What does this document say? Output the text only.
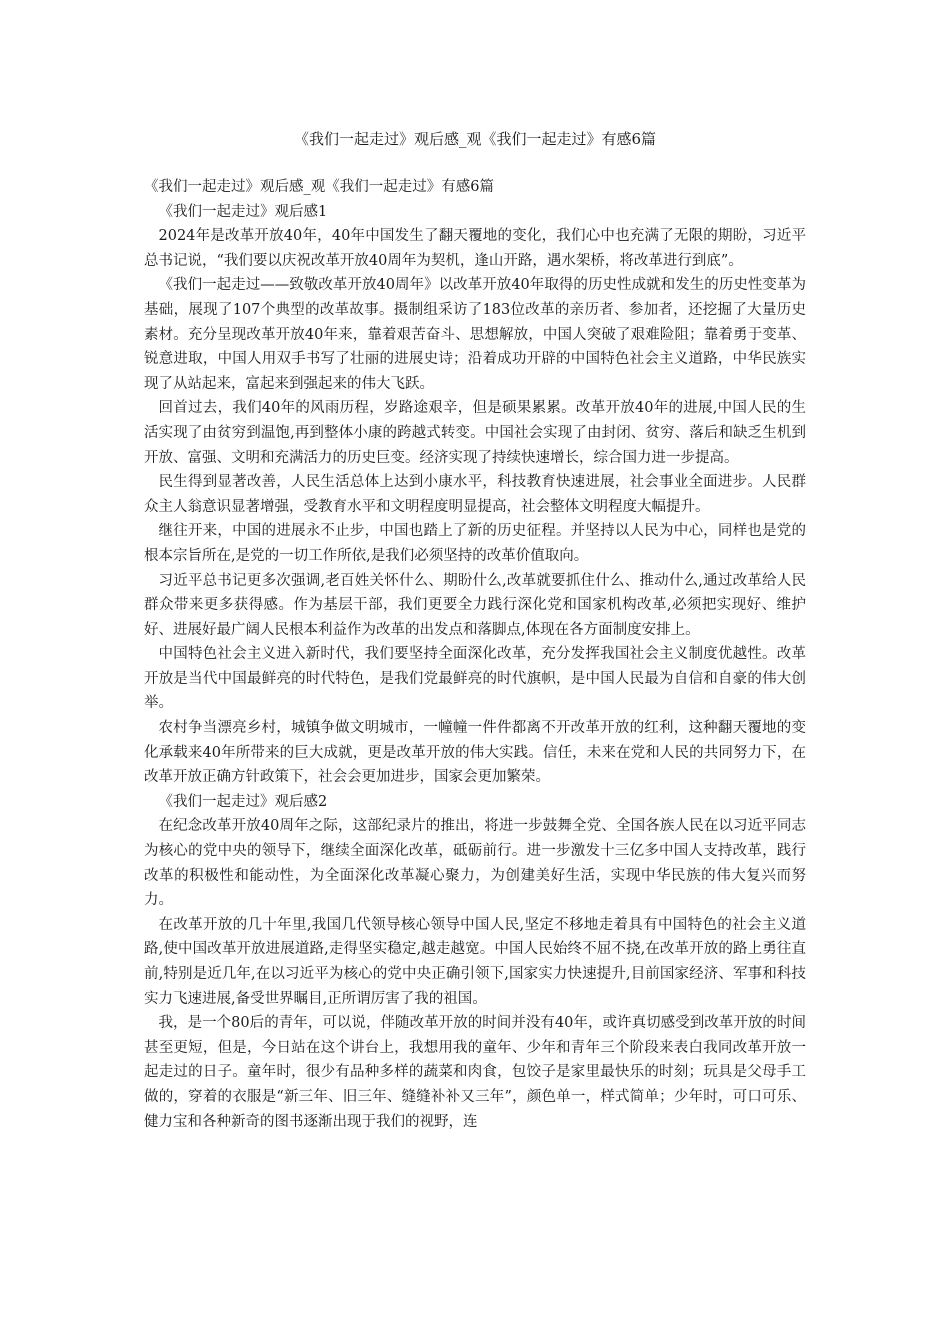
《我们一起走过》观后感_观《我们一起走过》有感6篇

《我们一起走过》观后感_观《我们一起走过》有感6篇

《我们一起走过》观后感1

2024年是改革开放40年，40年中国发生了翻天覆地的变化，我们心中也充满了无限的期盼，习近平总书记说，“我们要以庆祝改革开放40周年为契机，逢山开路，遇水架桥，将改革进行到底”。

《我们一起走过——致敬改革开放40周年》以改革开放40年取得的历史性成就和发生的历史性变革为基础，展现了107个典型的改革故事。摄制组采访了183位改革的亲历者、参加者，还挖掘了大量历史素材。充分呈现改革开放40年来，靠着艰苦奋斗、思想解放，中国人突破了艰难险阻；靠着勇于变革、锐意进取，中国人用双手书写了壮丽的进展史诗；沿着成功开辟的中国特色社会主义道路，中华民族实现了从站起来，富起来到强起来的伟大飞跃。

回首过去，我们40年的风雨历程，岁路途艰辛，但是硕果累累。改革开放40年的进展,中国人民的生活实现了由贫穷到温饱,再到整体小康的跨越式转变。中国社会实现了由封闭、贫穷、落后和缺乏生机到开放、富强、文明和充满活力的历史巨变。经济实现了持续快速增长，综合国力进一步提高。

民生得到显著改善，人民生活总体上达到小康水平，科技教育快速进展，社会事业全面进步。人民群众主人翁意识显著增强，受教育水平和文明程度明显提高，社会整体文明程度大幅提升。

继往开来，中国的进展永不止步，中国也踏上了新的历史征程。并坚持以人民为中心，同样也是党的根本宗旨所在,是党的一切工作所依,是我们必须坚持的改革价值取向。

习近平总书记更多次强调,老百姓关怀什么、期盼什么,改革就要抓住什么、推动什么,通过改革给人民群众带来更多获得感。作为基层干部，我们更要全力践行深化党和国家机构改革,必须把实现好、维护好、进展好最广阔人民根本利益作为改革的出发点和落脚点,体现在各方面制度安排上。

中国特色社会主义进入新时代，我们要坚持全面深化改革，充分发挥我国社会主义制度优越性。改革开放是当代中国最鲜亮的时代特色，是我们党最鲜亮的时代旗帜，是中国人民最为自信和自豪的伟大创举。

农村争当漂亮乡村，城镇争做文明城市，一幢幢一件件都离不开改革开放的红利，这种翻天覆地的变化承载来40年所带来的巨大成就，更是改革开放的伟大实践。信任，未来在党和人民的共同努力下，在改革开放正确方针政策下，社会会更加进步，国家会更加繁荣。

《我们一起走过》观后感2

在纪念改革开放40周年之际，这部纪录片的推出，将进一步鼓舞全党、全国各族人民在以习近平同志为核心的党中央的领导下，继续全面深化改革，砥砺前行。进一步激发十三亿多中国人支持改革，践行改革的积极性和能动性，为全面深化改革凝心聚力，为创建美好生活，实现中华民族的伟大复兴而努力。

在改革开放的几十年里,我国几代领导核心领导中国人民,坚定不移地走着具有中国特色的社会主义道路,使中国改革开放进展道路,走得坚实稳定,越走越宽。中国人民始终不屈不挠,在改革开放的路上勇往直前,特别是近几年,在以习近平为核心的党中央正确引领下,国家实力快速提升,目前国家经济、军事和科技实力飞速进展,备受世界瞩目,正所谓厉害了我的祖国。

我，是一个80后的青年，可以说，伴随改革开放的时间并没有40年，或许真切感受到改革开放的时间甚至更短，但是，今日站在这个讲台上，我想用我的童年、少年和青年三个阶段来表白我同改革开放一起走过的日子。童年时，很少有品种多样的蔬菜和肉食，包饺子是家里最快乐的时刻；玩具是父母手工做的，穿着的衣服是“新三年、旧三年、缝缝补补又三年”，颜色单一，样式简单；少年时，可口可乐、健力宝和各种新奇的图书逐渐出现于我们的视野，连
